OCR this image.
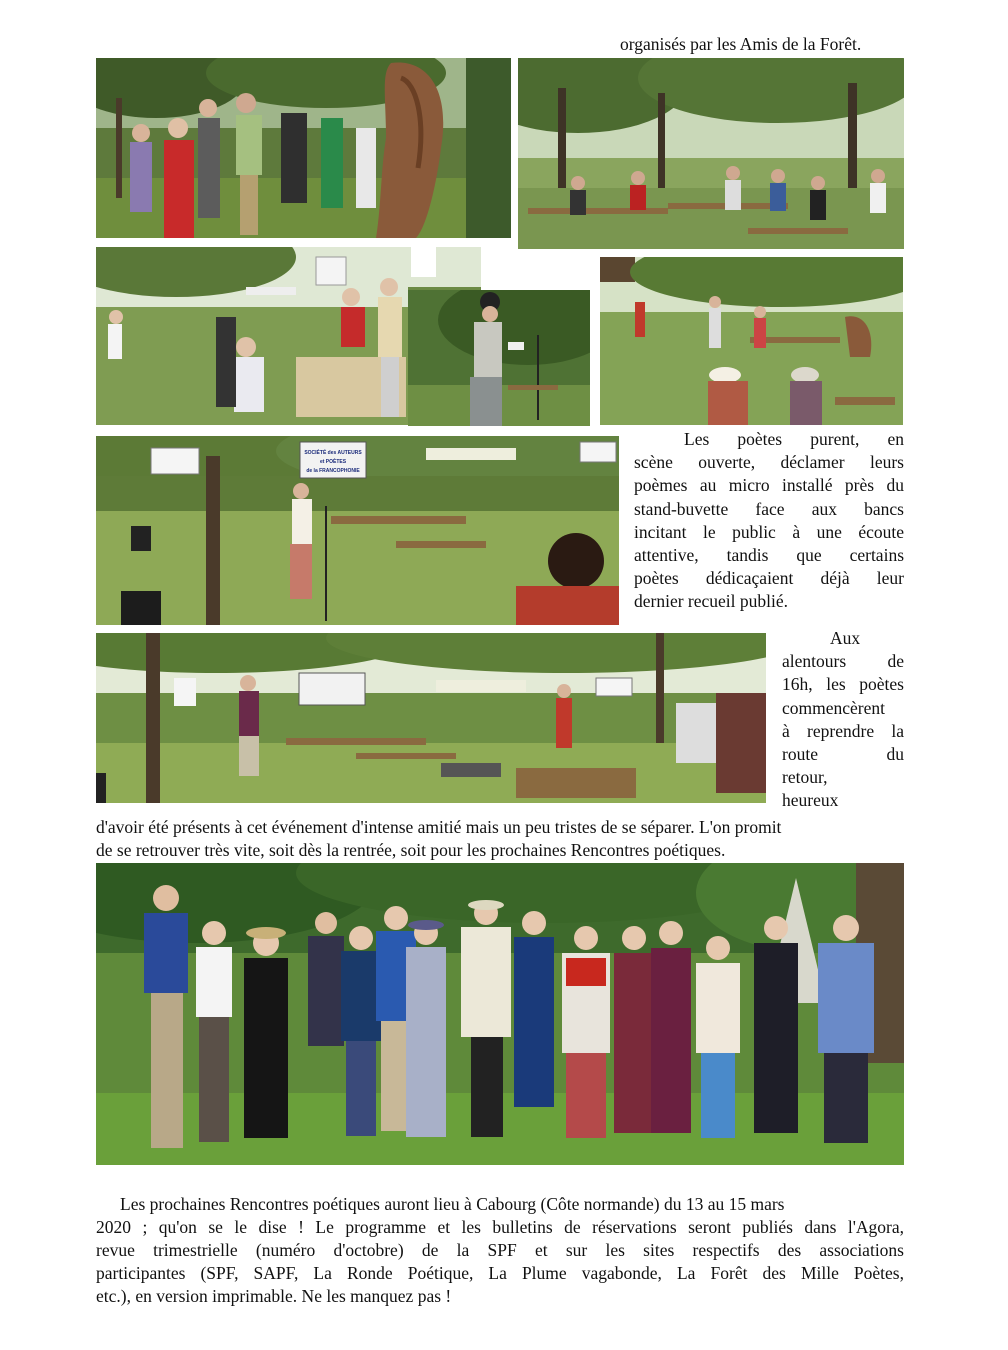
organisés par les Amis de la Forêt.
SOCIÉTÉ des AUTEURS
et POÈTES
de la FRANCOPHONIE
Les poètes purent, en
scène ouverte, déclamer leurs
poèmes au micro installé près du
stand-buvette face aux bancs
incitant le public à une écoute
attentive, tandis que certains
poètes dédicaçaient déjà leur
dernier recueil publié.
Aux
alentours de
16h, les poètes
commencèrent
à reprendre la
route du
retour,
heureux
d'avoir été présents à cet événement d'intense amitié mais un peu tristes de se séparer. L'on promit
de se retrouver très vite, soit dès la rentrée, soit pour les prochaines Rencontres poétiques.
Les prochaines Rencontres poétiques auront lieu à Cabourg (Côte normande) du 13 au 15 mars
2020 ; qu'on se le dise ! Le programme et les bulletins de réservations seront publiés dans l'Agora,
revue trimestrielle (numéro d'octobre) de la SPF et sur les sites respectifs des associations
participantes (SPF, SAPF, La Ronde Poétique, La Plume vagabonde, La Forêt des Mille Poètes,
etc.), en version imprimable. Ne les manquez pas !
